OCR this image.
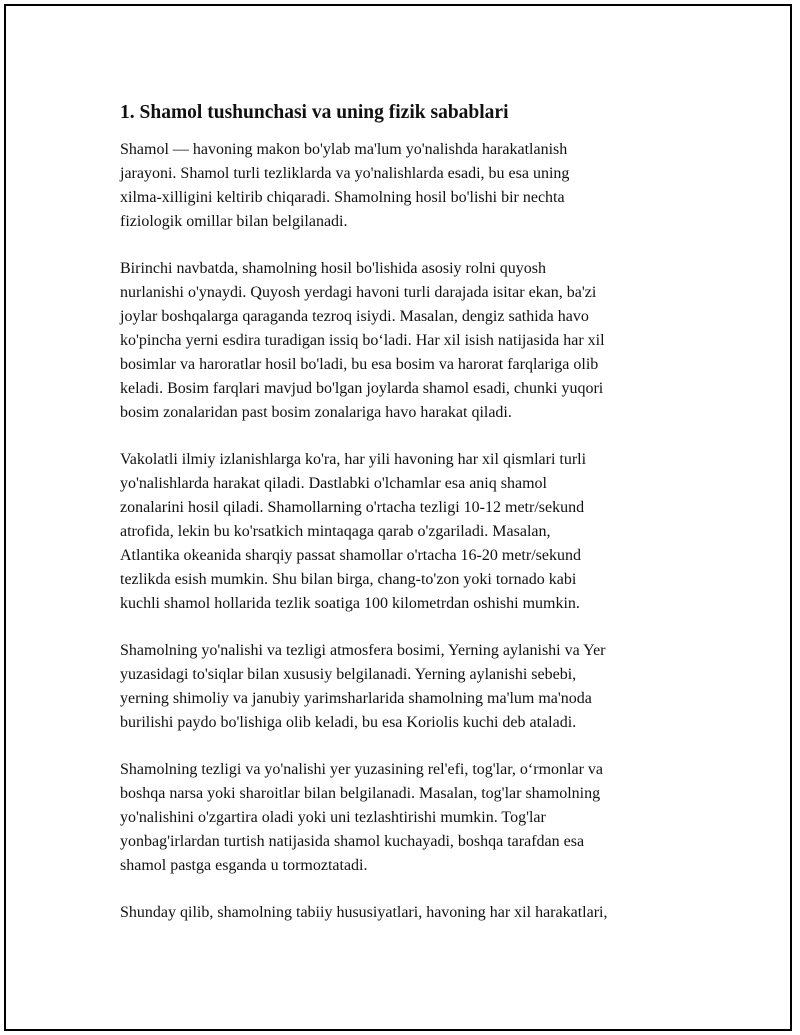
1. Shamol tushunchasi va uning fizik sabablari

Shamol — havoning makon bo'ylab ma'lum yo'nalishda harakatlanish
jarayoni. Shamol turli tezliklarda va yo'nalishlarda esadi, bu esa uning
xilma-xilligini keltirib chiqaradi. Shamolning hosil bo'lishi bir nechta
fiziologik omillar bilan belgilanadi.

Birinchi navbatda, shamolning hosil bo'lishida asosiy rolni quyosh
nurlanishi o'ynaydi. Quyosh yerdagi havoni turli darajada isitar ekan, ba'zi
joylar boshqalarga qaraganda tezroq isiydi. Masalan, dengiz sathida havo
ko'pincha yerni esdira turadigan issiq bo‘ladi. Har xil isish natijasida har xil
bosimlar va haroratlar hosil bo'ladi, bu esa bosim va harorat farqlariga olib
keladi. Bosim farqlari mavjud bo'lgan joylarda shamol esadi, chunki yuqori
bosim zonalaridan past bosim zonalariga havo harakat qiladi.

Vakolatli ilmiy izlanishlarga ko'ra, har yili havoning har xil qismlari turli
yo'nalishlarda harakat qiladi. Dastlabki o'lchamlar esa aniq shamol
zonalarini hosil qiladi. Shamollarning o'rtacha tezligi 10-12 metr/sekund
atrofida, lekin bu ko'rsatkich mintaqaga qarab o'zgariladi. Masalan,
Atlantika okeanida sharqiy passat shamollar o'rtacha 16-20 metr/sekund
tezlikda esish mumkin. Shu bilan birga, chang-to'zon yoki tornado kabi
kuchli shamol hollarida tezlik soatiga 100 kilometrdan oshishi mumkin.

Shamolning yo'nalishi va tezligi atmosfera bosimi, Yerning aylanishi va Yer
yuzasidagi to'siqlar bilan xususiy belgilanadi. Yerning aylanishi sebebi,
yerning shimoliy va janubiy yarimsharlarida shamolning ma'lum ma'noda
burilishi paydo bo'lishiga olib keladi, bu esa Koriolis kuchi deb ataladi.

Shamolning tezligi va yo'nalishi yer yuzasining rel'efi, tog'lar, o‘rmonlar va
boshqa narsa yoki sharoitlar bilan belgilanadi. Masalan, tog'lar shamolning
yo'nalishini o'zgartira oladi yoki uni tezlashtirishi mumkin. Tog'lar
yonbag'irlardan turtish natijasida shamol kuchayadi, boshqa tarafdan esa
shamol pastga esganda u tormoztatadi.

Shunday qilib, shamolning tabiiy hususiyatlari, havoning har xil harakatlari,
